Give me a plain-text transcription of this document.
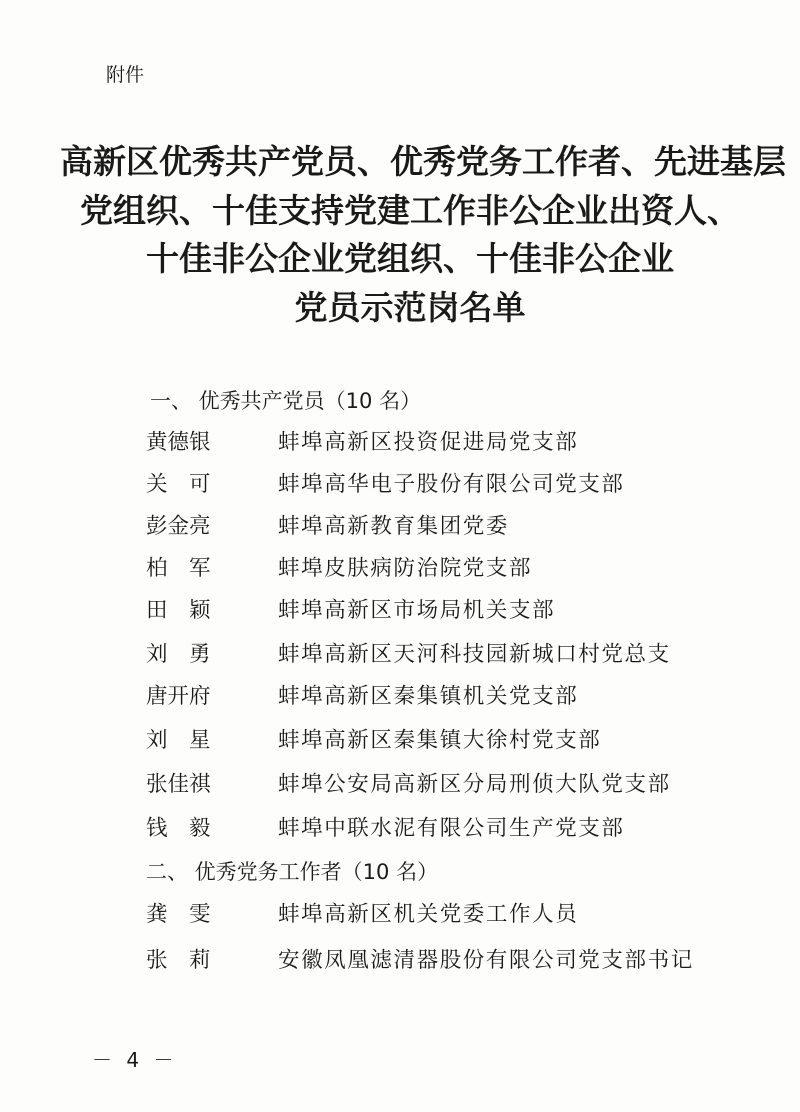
附件
高新区优秀共产党员、优秀党务工作者、先进基层
党组织、十佳支持党建工作非公企业出资人、
十佳非公企业党组织、十佳非公企业
党员示范岗名单
一、 优秀共产党员（10 名）
黄德银	蚌埠高新区投资促进局党支部
关　可	蚌埠高华电子股份有限公司党支部
彭金亮	蚌埠高新教育集团党委
柏　军	蚌埠皮肤病防治院党支部
田　颖	蚌埠高新区市场局机关支部
刘　勇	蚌埠高新区天河科技园新城口村党总支
唐开府	蚌埠高新区秦集镇机关党支部
刘　星	蚌埠高新区秦集镇大徐村党支部
张佳祺	蚌埠公安局高新区分局刑侦大队党支部
钱　毅	蚌埠中联水泥有限公司生产党支部
二、 优秀党务工作者（10 名）
龚　雯	蚌埠高新区机关党委工作人员
张　莉	安徽凤凰滤清器股份有限公司党支部书记
－ 4 －
